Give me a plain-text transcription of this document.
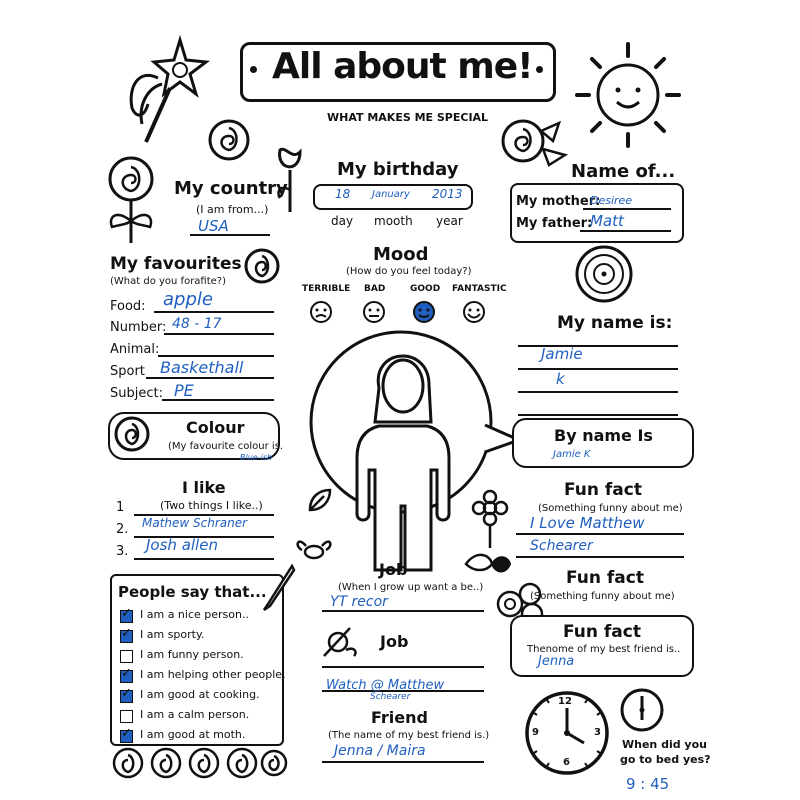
All about me!
WHAT MAKES ME SPECIAL
My birthday
18 January 2013
day mooth year
Name of...
My mother:
Desiree
My father:
Matt
My country
(I am from...)
USA
Mood
(How do you feel today?)
TERRIBLE BAD	GOOD FANTASTIC
My favourites
(What do you forafite?)
Food: apple
Number: 48 - 17
Animal:
Sport Baskethall
Subject: PE
My name is:
Jamie
k
Colour
(My favourite colour is.
Blue-ish
By name Is
Jamie K
I like
(Two things I like..)
1
2.
3.
Mathew Schraner
Josh allen
Fun fact
(Something funny about me)
I Love Matthew
Schearer
Job
(When I grow up want a be..)
YT recor
Fun fact
(Something funny about me)
Job
Watch @ Matthew
Schearer
Fun fact
Thenome of my best friend is..
Jenna
Friend
(The name of my best friend is.)
Jenna / Maira
People say that...
✓
I am a nice person..
✓
I am sporty.
I am funny person.
✓
I am helping other people.
✓
I am good at cooking.
I am a calm person.
✓
I am good at moth.
12
3
6
9
When did you
go to bed yes?
9 : 45
